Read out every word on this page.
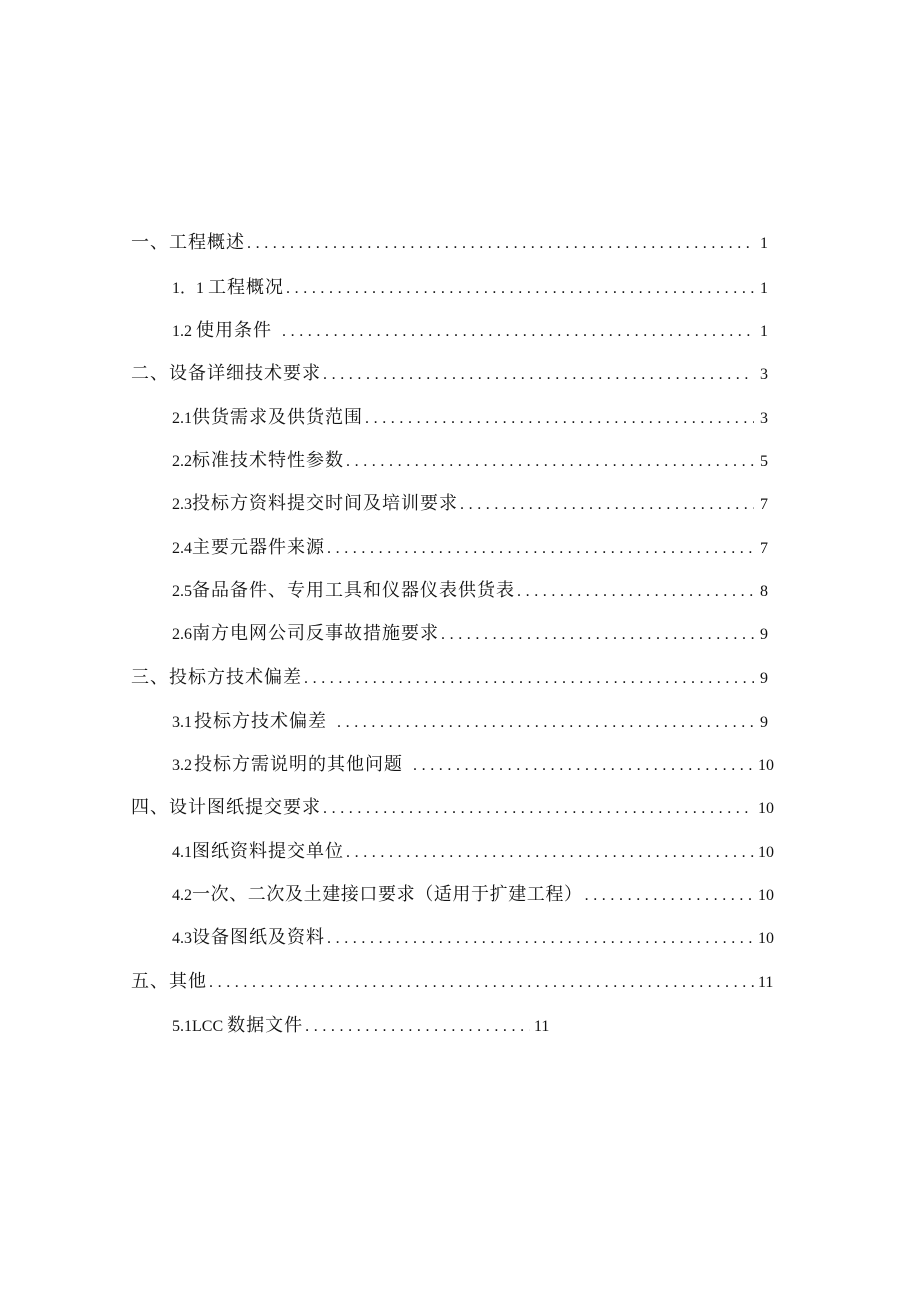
一、工程概述 .....	1
1．1 工程概况 .....	1
1.2 使用条件 .....	1
二、设备详细技术要求 .....	3
2.1 供货需求及供货范围 .....	3
2.2 标准技术特性参数 .....	5
2.3 投标方资料提交时间及培训要求 .....	7
2.4 主要元器件来源 .....	7
2.5 备品备件、专用工具和仪器仪表供货表 .....	8
2.6 南方电网公司反事故措施要求 .....	9
三、投标方技术偏差 .....	9
3.1 投标方技术偏差 .....	9
3.2 投标方需说明的其他问题 .....	10
四、设计图纸提交要求 .....	10
4.1 图纸资料提交单位 .....	10
4.2 一次、二次及土建接口要求（适用于扩建工程） .....	10
4.3 设备图纸及资料 .....	10
五、其他 .....	11
5.1LCC 数据文件 .....	11
